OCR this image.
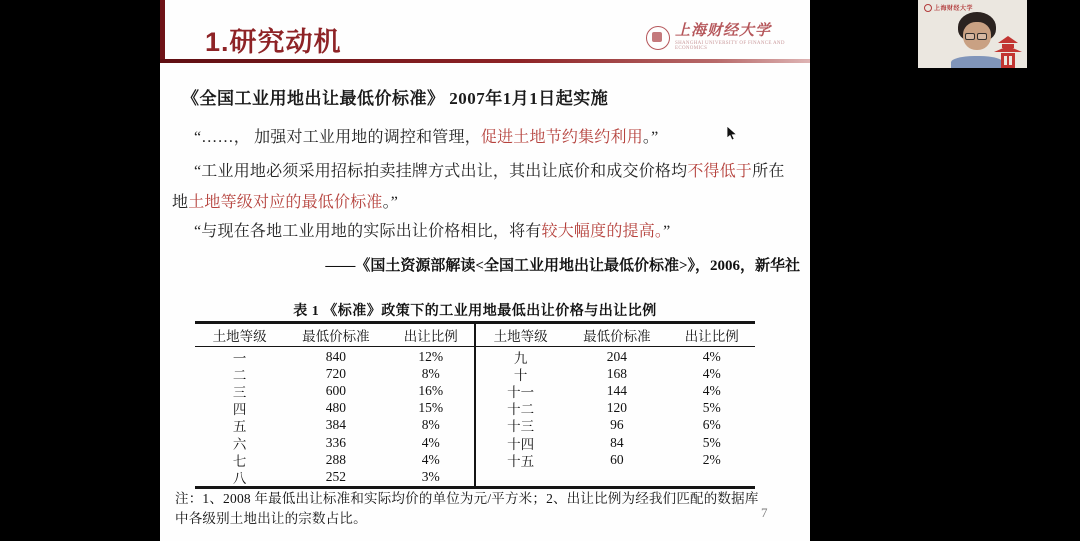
1.研究动机	上海财经大学
SHANGHAI UNIVERSITY OF FINANCE AND ECONOMICS
《全国工业用地出让最低价标准》 2007年1月1日起实施

“……， 加强对工业用地的调控和管理，促进土地节约集约利用。”

“工业用地必须采用招标拍卖挂牌方式出让，其出让底价和成交价格均不得低于所在地土地等级对应的最低价标准。”

“与现在各地工业用地的实际出让价格相比，将有较大幅度的提高。”

——《国土资源部解读<全国工业用地出让最低价标准>》，2006，新华社
表 1 《标准》政策下的工业用地最低出让价格与出让比例
土地等级	最低价标准	出让比例
一	840	12%
二	720	8%
三	600	16%
四	480	15%
五	384	8%
六	336	4%
七	288	4%
八	252	3%
土地等级	最低价标准	出让比例
九	204	4%
十	168	4%
十一	144	4%
十二	120	5%
十三	96	6%
十四	84	5%
十五	60	2%
注：1、2008 年最低出让标准和实际均价的单位为元/平方米；2、出让比例为经我们匹配的数据库中各级别土地出让的宗数占比。	7
上海财经大学
